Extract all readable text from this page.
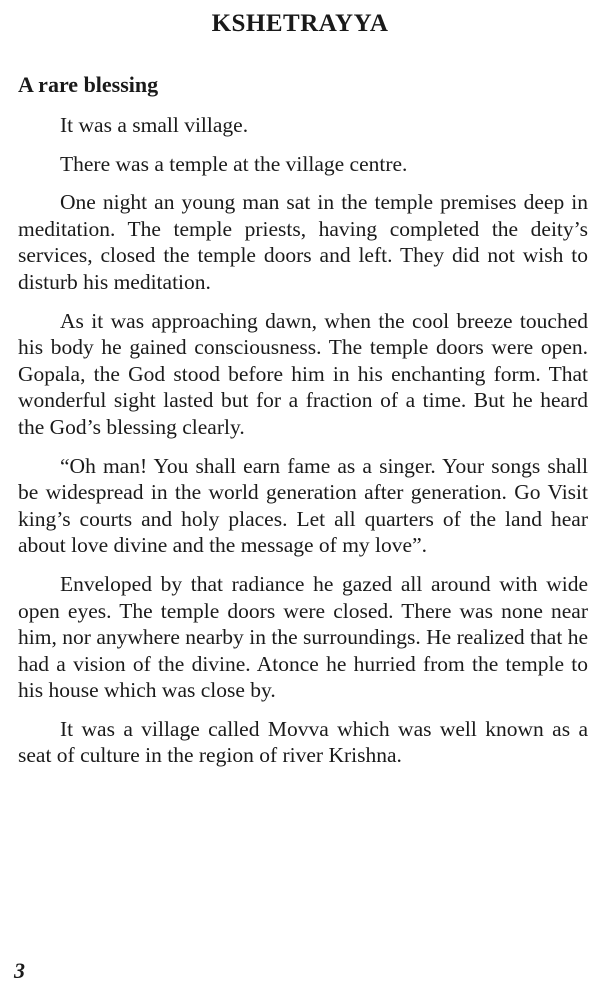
KSHETRAYYA
A rare blessing

It was a small village.

There was a temple at the village centre.

One night an young man sat in the temple premises deep in meditation. The temple priests, having completed the deity’s services, closed the temple doors and left. They did not wish to disturb his meditation.

As it was approaching dawn, when the cool breeze touched his body he gained consciousness. The temple doors were open. Gopala, the God stood before him in his enchanting form. That wonderful sight lasted but for a fraction of a time. But he heard the God’s blessing clearly.

“Oh man! You shall earn fame as a singer. Your songs shall be widespread in the world generation after generation. Go Visit king’s courts and holy places. Let all quarters of the land hear about love divine and the message of my love”.

Enveloped by that radiance he gazed all around with wide open eyes. The temple doors were closed. There was none near him, nor anywhere nearby in the surroundings. He realized that he had a vision of the divine. Atonce he hurried from the temple to his house which was close by.

It was a village called Movva which was well known as a seat of culture in the region of river Krishna.

3
